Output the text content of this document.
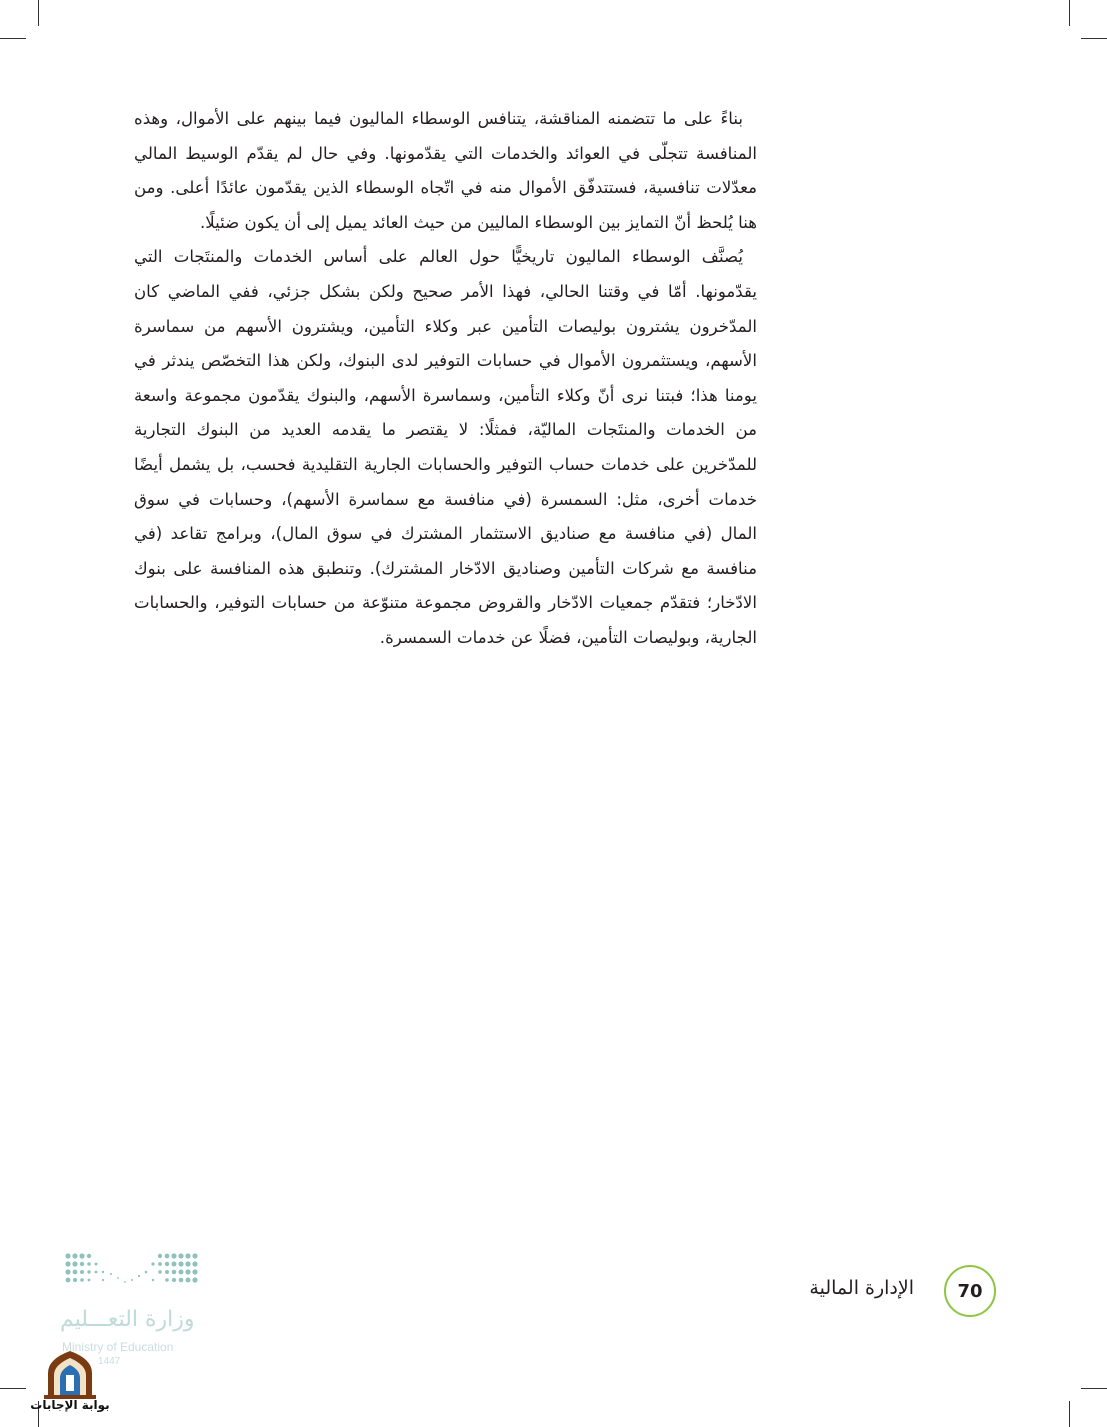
بناءً على ما تتضمنه المناقشة، يتنافس الوسطاء الماليون فيما بينهم على الأموال، وهذه المنافسة تتجلّى في العوائد والخدمات التي يقدّمونها. وفي حال لم يقدّم الوسيط المالي معدّلات تنافسية، فستتدفّق الأموال منه في اتّجاه الوسطاء الذين يقدّمون عائدًا أعلى. ومن هنا يُلحظ أنّ التمايز بين الوسطاء الماليين من حيث العائد يميل إلى أن يكون ضئيلًا.

يُصنَّف الوسطاء الماليون تاريخيًّا حول العالم على أساس الخدمات والمنتَجات التي يقدّمونها. أمّا في وقتنا الحالي، فهذا الأمر صحيح ولكن بشكل جزئي، ففي الماضي كان المدّخرون يشترون بوليصات التأمين عبر وكلاء التأمين، ويشترون الأسهم من سماسرة الأسهم، ويستثمرون الأموال في حسابات التوفير لدى البنوك، ولكن هذا التخصّص يندثر في يومنا هذا؛ فبتنا نرى أنّ وكلاء التأمين، وسماسرة الأسهم، والبنوك يقدّمون مجموعة واسعة من الخدمات والمنتَجات الماليّة، فمثلًا: لا يقتصر ما يقدمه العديد من البنوك التجارية للمدّخرين على خدمات حساب التوفير والحسابات الجارية التقليدية فحسب، بل يشمل أيضًا خدمات أخرى، مثل: السمسرة (في منافسة مع سماسرة الأسهم)، وحسابات في سوق المال (في منافسة مع صناديق الاستثمار المشترك في سوق المال)، وبرامج تقاعد (في منافسة مع شركات التأمين وصناديق الادّخار المشترك). وتنطبق هذه المنافسة على بنوك الادّخار؛ فتقدّم جمعيات الادّخار والقروض مجموعة متنوّعة من حسابات التوفير، والحسابات الجارية، وبوليصات التأمين، فضلًا عن خدمات السمسرة.

الإدارة المالية 70
وزارة التعـــليم
Ministry of Education
1447
بوابة الإجابات
